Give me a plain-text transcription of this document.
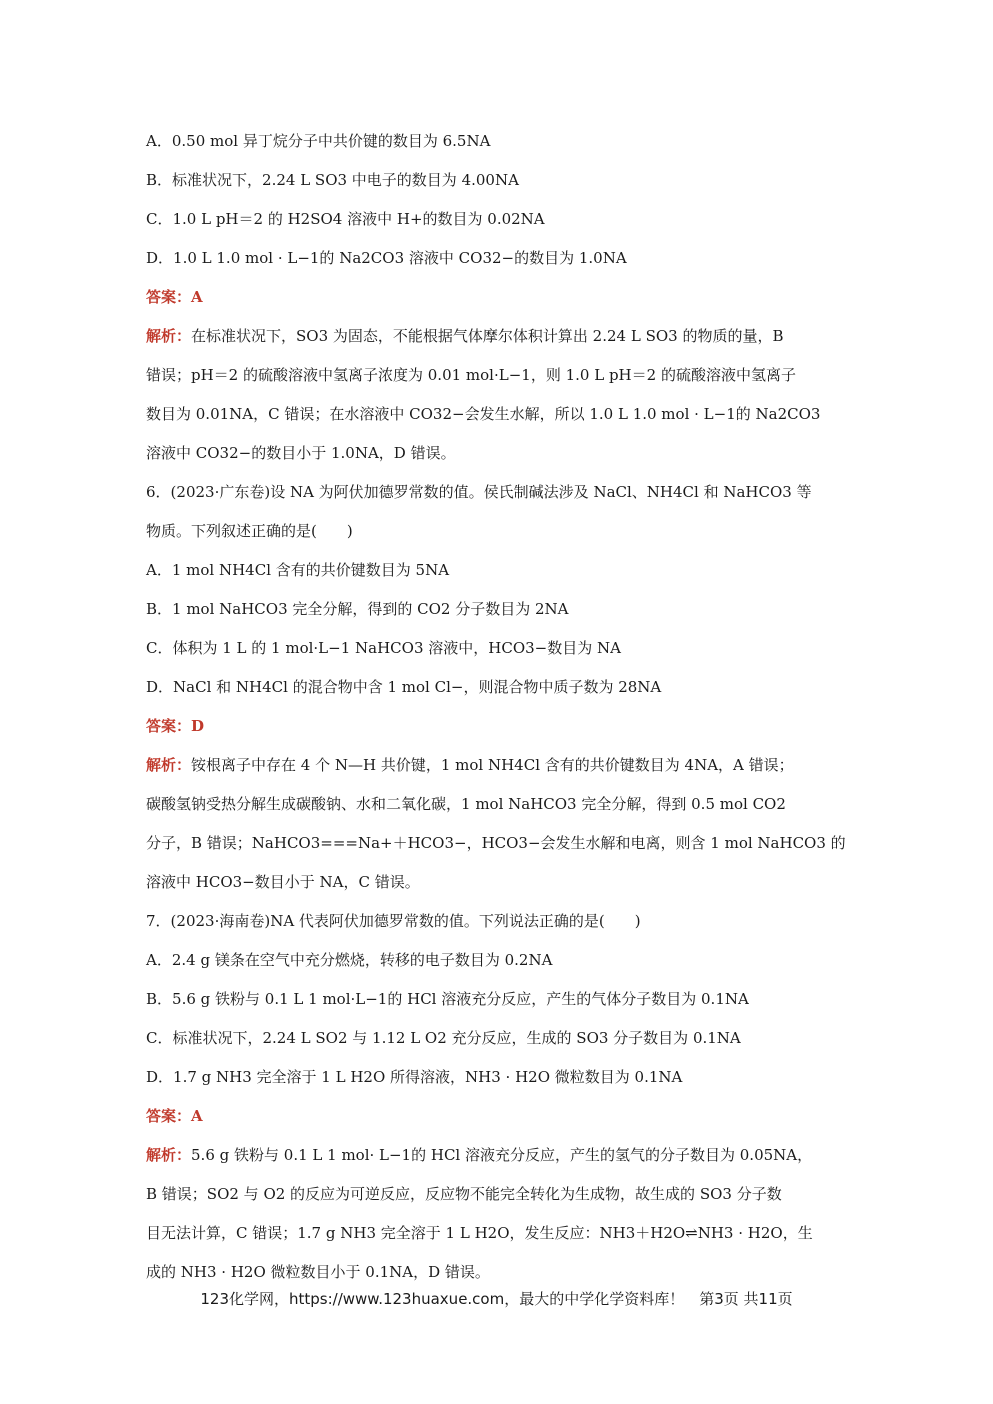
A．0.50 mol 异丁烷分子中共价键的数目为 6.5NA
B．标准状况下，2.24 L SO3 中电子的数目为 4.00NA
C．1.0 L pH＝2 的 H2SO4 溶液中 H+的数目为 0.02NA
D．1.0 L 1.0 mol · L−1的 Na2CO3 溶液中 CO32−的数目为 1.0NA
答案：A
解析：在标准状况下，SO3 为固态，不能根据气体摩尔体积计算出 2.24 L SO3 的物质的量，B
错误；pH＝2 的硫酸溶液中氢离子浓度为 0.01 mol·L−1，则 1.0 L pH＝2 的硫酸溶液中氢离子
数目为 0.01NA，C 错误；在水溶液中 CO32−会发生水解，所以 1.0 L 1.0 mol · L−1的 Na2CO3
溶液中 CO32−的数目小于 1.0NA，D 错误。
6．(2023·广东卷)设 NA 为阿伏加德罗常数的值。侯氏制碱法涉及 NaCl、NH4Cl 和 NaHCO3 等
物质。下列叙述正确的是(　　)
A．1 mol NH4Cl 含有的共价键数目为 5NA
B．1 mol NaHCO3 完全分解，得到的 CO2 分子数目为 2NA
C．体积为 1 L 的 1 mol·L−1 NaHCO3 溶液中，HCO3−数目为 NA
D．NaCl 和 NH4Cl 的混合物中含 1 mol Cl−，则混合物中质子数为 28NA
答案：D
解析：铵根离子中存在 4 个 N—H 共价键，1 mol NH4Cl 含有的共价键数目为 4NA，A 错误；
碳酸氢钠受热分解生成碳酸钠、水和二氧化碳，1 mol NaHCO3 完全分解，得到 0.5 mol CO2
分子，B 错误；NaHCO3===Na+＋HCO3−，HCO3−会发生水解和电离，则含 1 mol NaHCO3 的
溶液中 HCO3−数目小于 NA，C 错误。
7．(2023·海南卷)NA 代表阿伏加德罗常数的值。下列说法正确的是(　　)
A．2.4 g 镁条在空气中充分燃烧，转移的电子数目为 0.2NA
B．5.6 g 铁粉与 0.1 L 1 mol·L−1的 HCl 溶液充分反应，产生的气体分子数目为 0.1NA
C．标准状况下，2.24 L SO2 与 1.12 L O2 充分反应，生成的 SO3 分子数目为 0.1NA
D．1.7 g NH3 完全溶于 1 L H2O 所得溶液，NH3 · H2O 微粒数目为 0.1NA
答案：A
解析：5.6 g 铁粉与 0.1 L 1 mol· L−1的 HCl 溶液充分反应，产生的氢气的分子数目为 0.05NA，
B 错误；SO2 与 O2 的反应为可逆反应，反应物不能完全转化为生成物，故生成的 SO3 分子数
目无法计算，C 错误；1.7 g NH3 完全溶于 1 L H2O，发生反应：NH3＋H2O⇌NH3 · H2O，生
成的 NH3 · H2O 微粒数目小于 0.1NA，D 错误。
123化学网，https://www.123huaxue.com，最大的中学化学资料库！　第3页 共11页
